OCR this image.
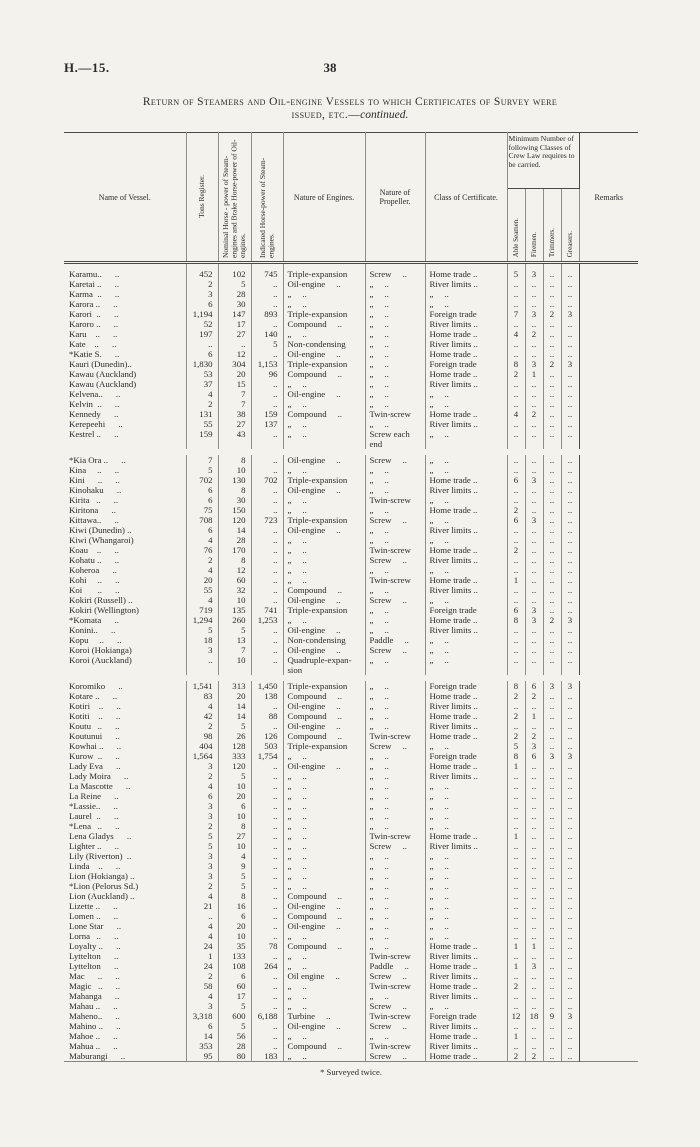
H.—15.	38
Return of Steamers and Oil-engine Vessels to which Certificates of Survey were
issued, etc.—continued.
Name of Vessel.	Tons Register.	Nominal Horse - power of Steam-engines and Brake Horse-power of Oil-engines.	Indicated Horse-power of Steam-engines.	Nature of Engines.	Nature of Propeller.	Class of Certificate.	Minimum Number of following Classes of Crew Law requires to be carried.				Remarks
							Able Seamen.	Firemen.	Trimmers.	Greasers.	
Karamu..      ..	452	102	745	Triple-expansion	Screw     ..	Home trade ..	5	3	..	..	
Karetai ..      ..	2	5	..	Oil-engine     ..	„     ..	River limits ..	..	..	..	..	
Karma  ..      ..	3	28	..	„     ..	„     ..	„     ..	..	..	..	..	
Karora ..      ..	6	30	..	„     ..	„     ..	„     ..	..	..	..	..	
Karori  ..      ..	1,194	147	893	Triple-expansion	„     ..	Foreign trade	7	3	2	3	
Karoro ..      ..	52	17	..	Compound     ..	„     ..	River limits ..	..	..	..	..	
Karu    ..      ..	197	27	140	„     ..	„     ..	Home trade ..	4	2	..	..	
Kate    ..      ..	..	..	5	Non-condensing	„     ..	River limits ..	..	..	..	..	
*Katie S.      ..	6	12	..	Oil-engine     ..	„     ..	Home trade ..	..	..	..	..	
Kauri (Dunedin)..	1,830	304	1,153	Triple-expansion	„     ..	Foreign trade	8	3	2	3	
Kawau (Auckland)	53	20	96	Compound     ..	„     ..	Home trade ..	2	1	..	..	
Kawau (Auckland)	37	15	..	„     ..	„     ..	River limits ..	..	..	..	..	
Kelvena..      ..	4	7	..	Oil-engine     ..	„     ..	„     ..	..	..	..	..	
Kelvin  ..      ..	2	7	..	„     ..	„     ..	„     ..	..	..	..	..	
Kennedy      ..	131	38	159	Compound     ..	Twin-screw	Home trade ..	4	2	..	..	
Kerepeehi      ..	55	27	137	„     ..	„     ..	River limits ..	..	..	..	..	
Kestrel ..      ..	159	43	..	„     ..	Screw each end	„     ..	..	..	..	..	

*Kia Ora ..      ..	7	8	..	Oil-engine     ..	Screw     ..	„     ..	..	..	..	..	
Kina     ..      ..	5	10	..	„     ..	„     ..	„     ..	..	..	..	..	
Kini      ..      ..	702	130	702	Triple-expansion	„     ..	Home trade ..	6	3	..	..	
Kinohaku      ..	6	8	..	Oil-engine     ..	„     ..	River limits ..	..	..	..	..	
Kirita   ..      ..	6	30	..	„     ..	Twin-screw	„     ..	..	..	..	..	
Kiritona      ..	75	150	..	„     ..	„     ..	Home trade ..	2	..	..	..	
Kittawa..      ..	708	120	723	Triple-expansion	Screw     ..	„     ..	6	3	..	..	
Kiwi (Dunedin) ..	6	14	..	Oil-engine     ..	„     ..	River limits ..	..	..	..	..	
Kiwi (Whangaroi)	4	28	..	„     ..	„     ..	„     ..	..	..	..	..	
Koau    ..      ..	76	170	..	„     ..	Twin-screw	Home trade ..	2	..	..	..	
Kohatu ..      ..	2	8	..	„     ..	Screw     ..	River limits ..	..	..	..	..	
Koheroa      ..	4	12	..	„     ..	„     ..	„     ..	..	..	..	..	
Kohi     ..      ..	20	60	..	„     ..	Twin-screw	Home trade ..	1	..	..	..	
Koi       ..      ..	55	32	..	Compound     ..	„     ..	River limits ..	..	..	..	..	
Kokiri (Russell) ..	4	10	..	Oil-engine     ..	Screw     ..	„     ..	..	..	..	..	
Kokiri (Wellington)	719	135	741	Triple-expansion	„     ..	Foreign trade	6	3	..	..	
*Komata      ..	1,294	260	1,253	„     ..	„     ..	Home trade ..	8	3	2	3	
Konini..      ..	5	5	..	Oil-engine     ..	„     ..	River limits ..	..	..	..	..	
Kopu     ..      ..	18	13	..	Non-condensing	Paddle     ..	„     ..	..	..	..	..	
Koroi (Hokianga)	3	7	..	Oil-engine     ..	Screw     ..	„     ..	..	..	..	..	
Koroi (Auckland)	..	10	..	Quadruple-expan- sion	„     ..	„     ..	..	..	..	..	

Koromiko      ..	1,541	313	1,450	Triple-expansion	„     ..	Foreign trade	8	6	3	3	
Kotare ..      ..	83	20	138	Compound     ..	„     ..	Home trade ..	2	2	..	..	
Kotiri    ..      ..	4	14	..	Oil-engine     ..	„     ..	River limits ..	..	..	..	..	
Kotiti    ..      ..	42	14	88	Compound     ..	„     ..	Home trade ..	2	1	..	..	
Koutu   ..      ..	2	5	..	Oil-engine     ..	„     ..	River limits ..	..	..	..	..	
Koutunui      ..	98	26	126	Compound     ..	Twin-screw	Home trade ..	2	2	..	..	
Kowhai ..      ..	404	128	503	Triple-expansion	Screw     ..	„     ..	5	3	..	..	
Kurow  ..      ..	1,564	333	1,754	„     ..	„     ..	Foreign trade	8	6	3	3	
Lady Eva      ..	3	120	..	Oil-engine     ..	„     ..	Home trade ..	1	..	..	..	
Lady Moira      ..	2	5	..	„     ..	„     ..	River limits ..	..	..	..	..	
La Mascotte      ..	4	10	..	„     ..	„     ..	„     ..	..	..	..	..	
La Reine      ..	6	20	..	„     ..	„     ..	„     ..	..	..	..	..	
*Lassie..      ..	3	6	..	„     ..	„     ..	„     ..	..	..	..	..	
Laurel  ..      ..	3	10	..	„     ..	„     ..	„     ..	..	..	..	..	
*Lena   ..      ..	2	8	..	„     ..	„     ..	„     ..	..	..	..	..	
Lena Gladys      ..	5	27	..	„     ..	Twin-screw	Home trade ..	1	..	..	..	
Lighter ..      ..	5	10	..	„     ..	Screw     ..	River limits ..	..	..	..	..	
Lily (Riverton)  ..	3	4	..	„     ..	„     ..	„     ..	..	..	..	..	
Linda    ..      ..	3	9	..	„     ..	„     ..	„     ..	..	..	..	..	
Lion (Hokianga) ..	3	5	..	„     ..	„     ..	„     ..	..	..	..	..	
*Lion (Pelorus Sd.)	2	5	..	„     ..	„     ..	„     ..	..	..	..	..	
Lion (Auckland) ..	4	8	..	Compound     ..	„     ..	„     ..	..	..	..	..	
Lizette ..      ..	21	16	..	Oil-engine     ..	„     ..	„     ..	..	..	..	..	
Lomen ..      ..	..	6	..	Compound     ..	„     ..	„     ..	..	..	..	..	
Lone Star      ..	4	20	..	Oil-engine     ..	„     ..	„     ..	..	..	..	..	
Lorna   ..      ..	4	10	..	„     ..	„     ..	„     ..	..	..	..	..	
Loyalty ..      ..	24	35	78	Compound     ..	„     ..	Home trade ..	1	1	..	..	
Lyttelton      ..	1	133	..	„     ..	Twin-screw	River limits ..	..	..	..	..	
Lyttelton      ..	24	108	264	„     ..	Paddle     ..	Home trade ..	1	3	..	..	
Mac      ..      ..	2	6	..	Oil engine     ..	Screw     ..	River limits ..	..	..	..	..	
Magic   ..      ..	58	60	..	„     ..	Twin-screw	Home trade ..	2	..	..	..	
Mahanga      ..	4	17	..	„     ..	„     ..	River limits ..	..	..	..	..	
Mahau ..      ..	3	5	..	„     ..	Screw     ..	„     ..	..	..	..	..	
Maheno..      ..	3,318	600	6,188	Turbine     ..	Twin-screw	Foreign trade	12	18	9	3	
Mahino ..      ..	6	5	..	Oil-engine     ..	Screw     ..	River limits ..	..	..	..	..	
Mahoe ..      ..	14	56	..	„     ..	„     ..	Home trade ..	1	..	..	..	
Mahua ..      ..	353	28	..	Compound     ..	Twin-screw	River limits ..	..	..	..	..	
Maburangi      ..	95	80	183	„     ..	Screw     ..	Home trade ..	2	2	..	..	
* Surveyed twice.
